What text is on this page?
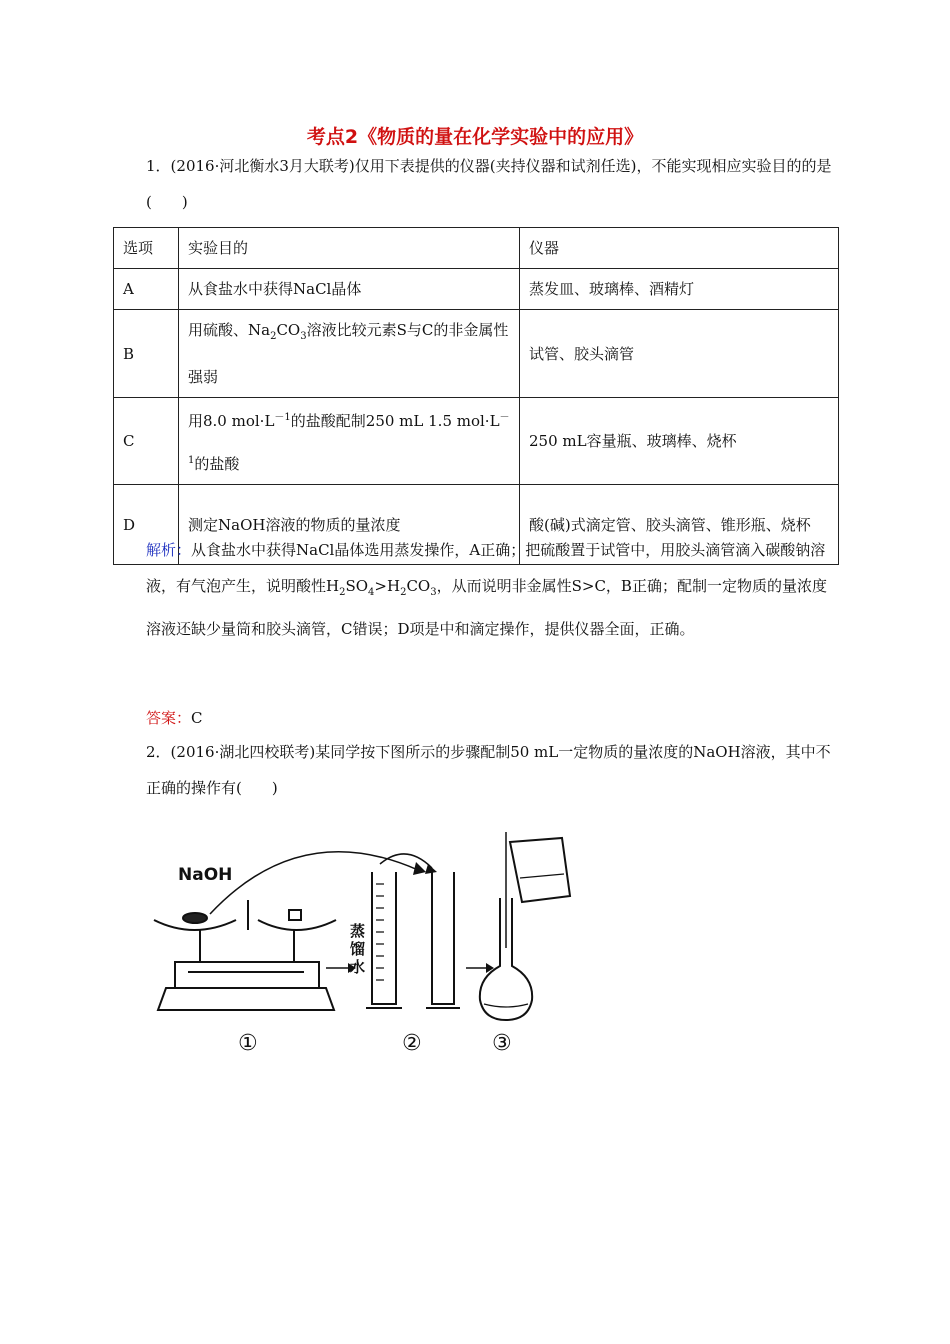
考点2《物质的量在化学实验中的应用》
1．(2016·河北衡水3月大联考)仅用下表提供的仪器(夹持仪器和试剂任选)，不能实现相应实验目的的是(　　)
选项	实验目的	仪器
A	从食盐水中获得NaCl晶体	蒸发皿、玻璃棒、酒精灯
B	用硫酸、$Na_2CO_3$溶液比较元素S与C的非金属性强弱	试管、胶头滴管
C	用8.0 $mol\cdot L^{-1}$的盐酸配制250 mL 1.5 $mol\cdot L^{-1}$的盐酸	250 mL容量瓶、玻璃棒、烧杯
D	测定NaOH溶液的物质的量浓度	酸(碱)式滴定管、胶头滴管、锥形瓶、烧杯
解析：从食盐水中获得NaCl晶体选用蒸发操作，A正确；把硫酸置于试管中，用胶头滴管滴入碳酸钠溶液，有气泡产生，说明酸性$H_2SO_4>H_2CO_3$，从而说明非金属性S>C，B正确；配制一定物质的量浓度溶液还缺少量筒和胶头滴管，C错误；D项是中和滴定操作，提供仪器全面，正确。
答案：C
2．(2016·湖北四校联考)某同学按下图所示的步骤配制50 mL一定物质的量浓度的NaOH溶液，其中不正确的操作有(　　)
NaOH
蒸
馏
水
①	②	③
